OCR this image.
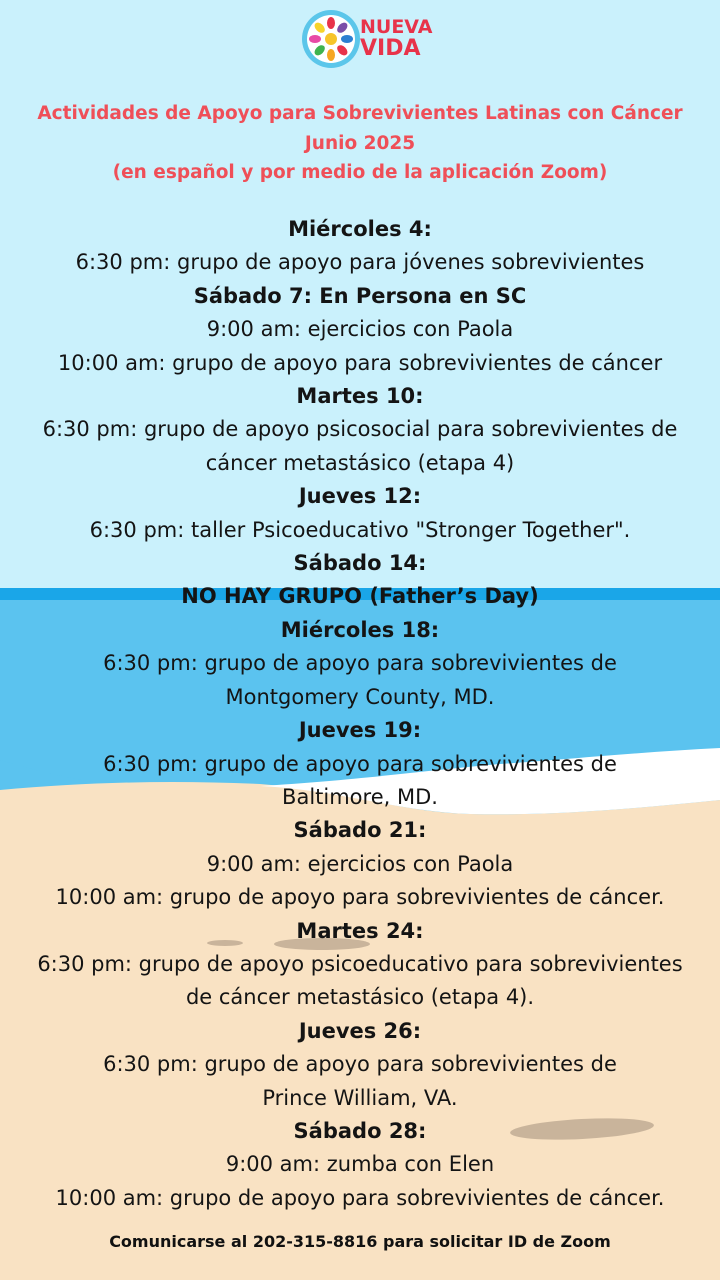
NUEVA
VIDA
Actividades de Apoyo para Sobrevivientes Latinas con Cáncer
Junio 2025
(en español y por medio de la aplicación Zoom)
Miércoles 4:
6:30 pm: grupo de apoyo para jóvenes sobrevivientes
Sábado 7: En Persona en SC
9:00 am: ejercicios con Paola
10:00 am: grupo de apoyo para sobrevivientes de cáncer
Martes 10:
6:30 pm: grupo de apoyo psicosocial para sobrevivientes de
cáncer metastásico (etapa 4)
Jueves 12:
6:30 pm: taller Psicoeducativo "Stronger Together".
Sábado 14:
NO HAY GRUPO (Father’s Day)
Miércoles 18:
6:30 pm: grupo de apoyo para sobrevivientes de
Montgomery County, MD.
Jueves 19:
6:30 pm: grupo de apoyo para sobrevivientes de
Baltimore, MD.
Sábado 21:
9:00 am: ejercicios con Paola
10:00 am: grupo de apoyo para sobrevivientes de cáncer.
Martes 24:
6:30 pm: grupo de apoyo psicoeducativo para sobrevivientes
de cáncer metastásico (etapa 4).
Jueves 26:
6:30 pm: grupo de apoyo para sobrevivientes de
Prince William, VA.
Sábado 28:
9:00 am: zumba con Elen
10:00 am: grupo de apoyo para sobrevivientes de cáncer.
Comunicarse al 202-315-8816 para solicitar ID de Zoom
